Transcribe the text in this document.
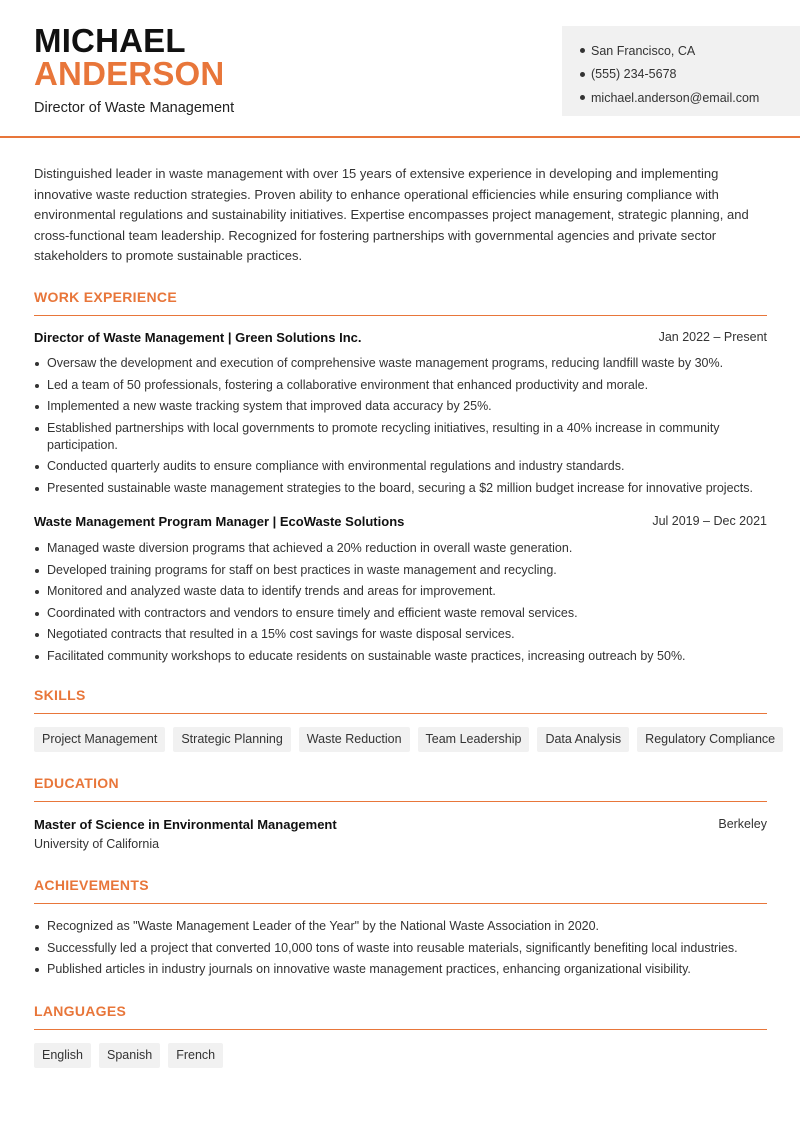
MICHAEL
ANDERSON
Director of Waste Management
San Francisco, CA
(555) 234-5678
michael.anderson@email.com

Distinguished leader in waste management with over 15 years of extensive experience in developing and implementing innovative waste reduction strategies. Proven ability to enhance operational efficiencies while ensuring compliance with environmental regulations and sustainability initiatives. Expertise encompasses project management, strategic planning, and cross-functional team leadership. Recognized for fostering partnerships with governmental agencies and private sector stakeholders to promote sustainable practices.

WORK EXPERIENCE
Director of Waste Management | Green Solutions Inc.	Jan 2022 – Present
Oversaw the development and execution of comprehensive waste management programs, reducing landfill waste by 30%.
Led a team of 50 professionals, fostering a collaborative environment that enhanced productivity and morale.
Implemented a new waste tracking system that improved data accuracy by 25%.
Established partnerships with local governments to promote recycling initiatives, resulting in a 40% increase in community participation.
Conducted quarterly audits to ensure compliance with environmental regulations and industry standards.
Presented sustainable waste management strategies to the board, securing a $2 million budget increase for innovative projects.
Waste Management Program Manager | EcoWaste Solutions	Jul 2019 – Dec 2021
Managed waste diversion programs that achieved a 20% reduction in overall waste generation.
Developed training programs for staff on best practices in waste management and recycling.
Monitored and analyzed waste data to identify trends and areas for improvement.
Coordinated with contractors and vendors to ensure timely and efficient waste removal services.
Negotiated contracts that resulted in a 15% cost savings for waste disposal services.
Facilitated community workshops to educate residents on sustainable waste practices, increasing outreach by 50%.
SKILLS
Project Management	Strategic Planning	Waste Reduction	Team Leadership	Data Analysis	Regulatory Compliance
EDUCATION
Master of Science in Environmental Management	Berkeley
University of California
ACHIEVEMENTS
Recognized as "Waste Management Leader of the Year" by the National Waste Association in 2020.
Successfully led a project that converted 10,000 tons of waste into reusable materials, significantly benefiting local industries.
Published articles in industry journals on innovative waste management practices, enhancing organizational visibility.
LANGUAGES
English	Spanish	French
